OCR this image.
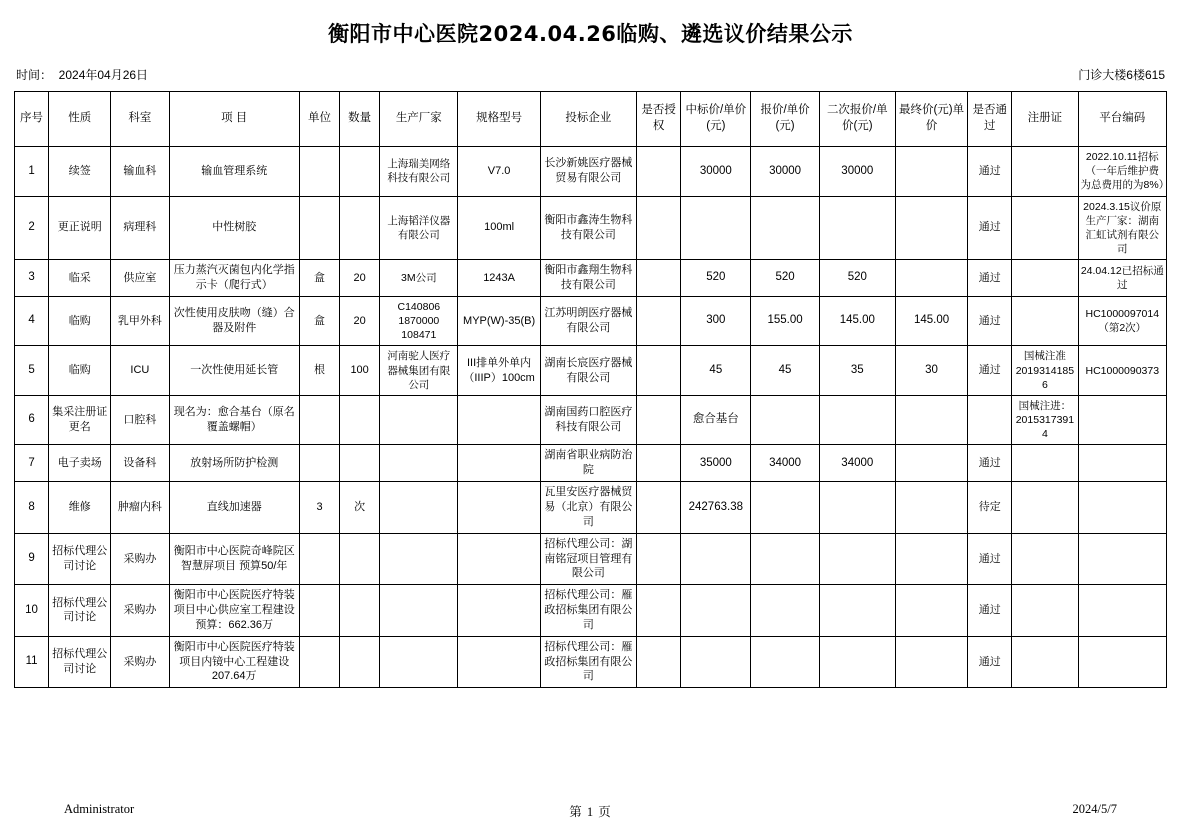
衡阳市中心医院2024.04.26临购、遴选议价结果公示
时间：  2024年04月26日	门诊大楼6楼615
序号	性质	科室	项 目	单位	数量	生产厂家	规格型号	投标企业	是否授权	中标价/单价(元)	报价/单价(元)	二次报价/单价(元)	最终价(元)单价	是否通过	注册证	平台编码
1	续签	输血科	输血管理系统			上海瑞美网络科技有限公司	V7.0	长沙新姚医疗器械贸易有限公司		30000	30000	30000		通过		2022.10.11招标（一年后维护费为总费用的为8%）
2	更正说明	病理科	中性树胶			上海韬洋仪器有限公司	100ml	衡阳市鑫涛生物科技有限公司						通过		2024.3.15议价原生产厂家：湖南汇虹试剂有限公司
3	临采	供应室	压力蒸汽灭菌包内化学指示卡（爬行式）	盒	20	3M公司	1243A	衡阳市鑫翔生物科技有限公司		520	520	520		通过		24.04.12已招标通过
4	临购	乳甲外科	次性使用皮肤吻（缝）合器及附件	盒	20	C140806 1870000 108471	MYP(W)-35(B)	江苏明朗医疗器械有限公司		300	155.00	145.00	145.00	通过		HC1000097014（第2次）
5	临购	ICU	一次性使用延长管	根	100	河南驼人医疗器械集团有限公司	III排单外单内（IIIP）100cm	湖南长宸医疗器械有限公司		45	45	35	30	通过	国械注准20193141856	HC1000090373
6	集采注册证更名	口腔科	现名为：愈合基台（原名覆盖螺帽）					湖南国药口腔医疗科技有限公司		愈合基台					国械注进：20153173914	
7	电子卖场	设备科	放射场所防护检测					湖南省职业病防治院		35000	34000	34000		通过		
8	维修	肿瘤内科	直线加速器	3	次			瓦里安医疗器械贸易（北京）有限公司		242763.38				待定		
9	招标代理公司讨论	采购办	衡阳市中心医院奇峰院区智慧屏项目 预算50/年					招标代理公司：湖南铭冠项目管理有限公司						通过		
10	招标代理公司讨论	采购办	衡阳市中心医院医疗特装项目中心供应室工程建设 预算：662.36万					招标代理公司：雁政招标集团有限公司						通过		
11	招标代理公司讨论	采购办	衡阳市中心医院医疗特装项目内镜中心工程建设207.64万					招标代理公司：雁政招标集团有限公司						通过		
Administrator	第 1 页	2024/5/7
